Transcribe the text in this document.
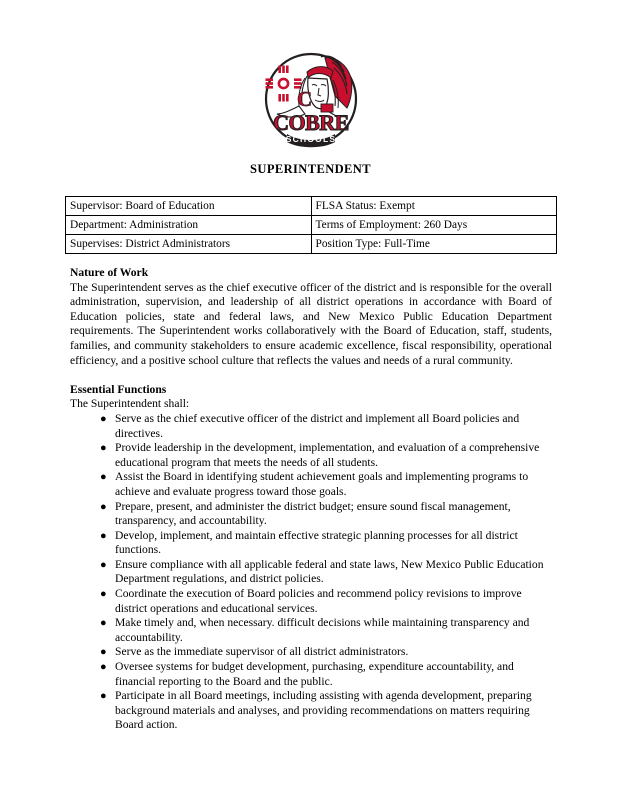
C
COBRE
SCHOOLS
SUPERINTENDENT
Supervisor: Board of Education	FLSA Status: Exempt
Department: Administration	Terms of Employment: 260 Days
Supervises: District Administrators	Position Type: Full-Time
Nature of Work

The Superintendent serves as the chief executive officer of the district and is responsible for the overall administration, supervision, and leadership of all district operations in accordance with Board of Education policies, state and federal laws, and New Mexico Public Education Department requirements. The Superintendent works collaboratively with the Board of Education, staff, students, families, and community stakeholders to ensure academic excellence, fiscal responsibility, operational efficiency, and a positive school culture that reflects the values and needs of a rural community.

Essential Functions

The Superintendent shall:

● Serve as the chief executive officer of the district and implement all Board policies and directives.
● Provide leadership in the development, implementation, and evaluation of a comprehensive educational program that meets the needs of all students.
● Assist the Board in identifying student achievement goals and implementing programs to achieve and evaluate progress toward those goals.
● Prepare, present, and administer the district budget; ensure sound fiscal management, transparency, and accountability.
● Develop, implement, and maintain effective strategic planning processes for all district functions.
● Ensure compliance with all applicable federal and state laws, New Mexico Public Education Department regulations, and district policies.
● Coordinate the execution of Board policies and recommend policy revisions to improve district operations and educational services.
● Make timely and, when necessary. difficult decisions while maintaining transparency and accountability.
● Serve as the immediate supervisor of all district administrators.
● Oversee systems for budget development, purchasing, expenditure accountability, and financial reporting to the Board and the public.
● Participate in all Board meetings, including assisting with agenda development, preparing background materials and analyses, and providing recommendations on matters requiring Board action.
